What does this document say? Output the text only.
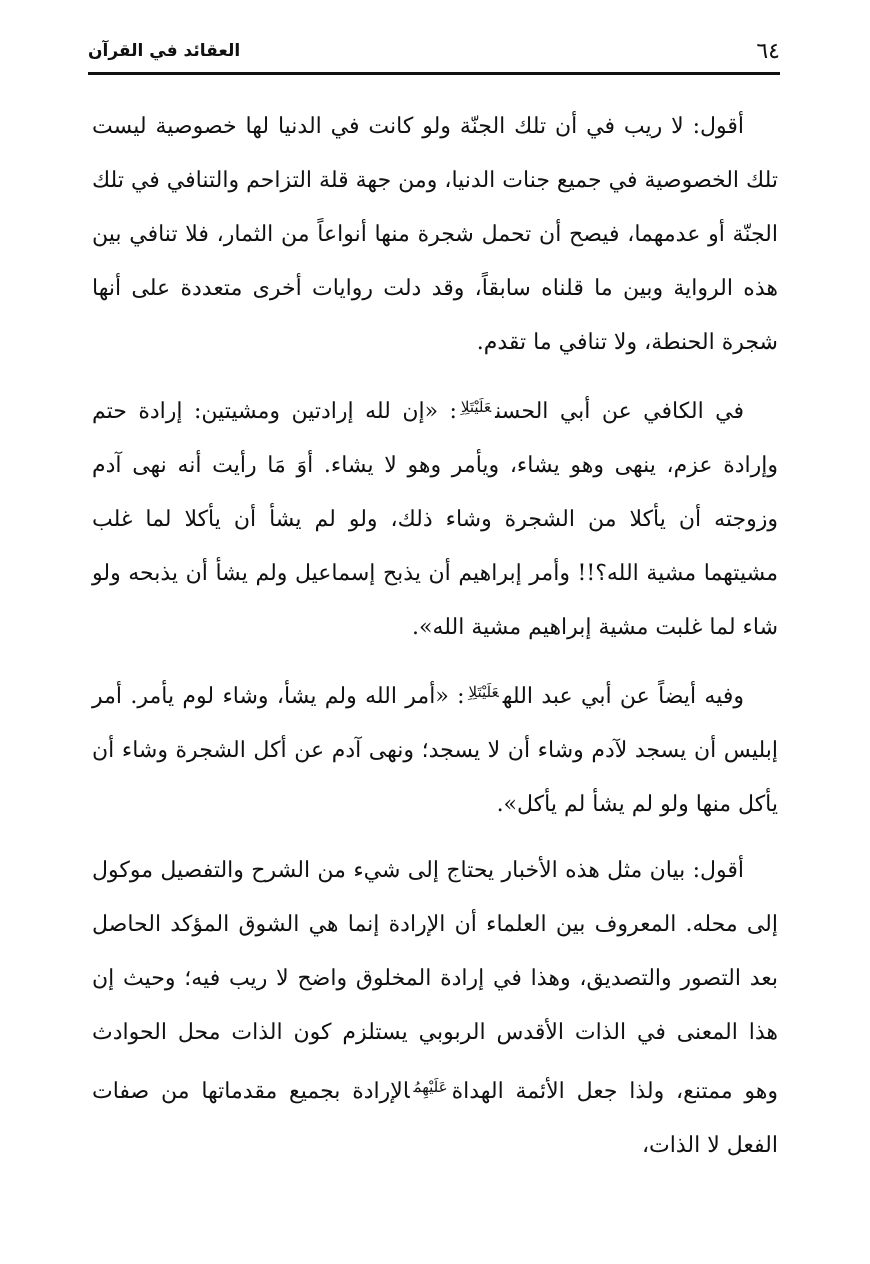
٦٤
العقائد في القرآن

أقول: لا ريب في أن تلك الجنّة ولو كانت في الدنيا لها خصوصية ليست تلك الخصوصية في جميع جنات الدنيا، ومن جهة قلة التزاحم والتنافي في تلك الجنّة أو عدمهما، فيصح أن تحمل شجرة منها أنواعاً من الثمار، فلا تنافي بين هذه الرواية وبين ما قلناه سابقاً، وقد دلت روايات أخرى متعددة على أنها شجرة الحنطة، ولا تنافي ما تقدم.

في الكافي عن أبي الحسن$^{عَلَيْتَلِاِ}$: «إن لله إرادتين ومشيتين: إرادة حتم وإرادة عزم، ينهى وهو يشاء، ويأمر وهو لا يشاء. أوَ مَا رأيت أنه نهى آدم وزوجته أن يأكلا من الشجرة وشاء ذلك، ولو لم يشأ أن يأكلا لما غلب مشيتهما مشية الله؟!! وأمر إبراهيم أن يذبح إسماعيل ولم يشأ أن يذبحه ولو شاء لما غلبت مشية إبراهيم مشية الله».

وفيه أيضاً عن أبي عبد الله$^{عَلَيْتَلِاِ}$: «أمر الله ولم يشأ، وشاء لوم يأمر. أمر إبليس أن يسجد لآدم وشاء أن لا يسجد؛ ونهى آدم عن أكل الشجرة وشاء أن يأكل منها ولو لم يشأ لم يأكل».

أقول: بيان مثل هذه الأخبار يحتاج إلى شيء من الشرح والتفصيل موكول إلى محله. المعروف بين العلماء أن الإرادة إنما هي الشوق المؤكد الحاصل بعد التصور والتصديق، وهذا في إرادة المخلوق واضح لا ريب فيه؛ وحيث إن هذا المعنى في الذات الأقدس الربوبي يستلزم كون الذات محل الحوادث وهو ممتنع، ولذا جعل الأئمة الهداة$^{عَلَيْهِمُ}$الإرادة بجميع مقدماتها من صفات الفعل لا الذات،
